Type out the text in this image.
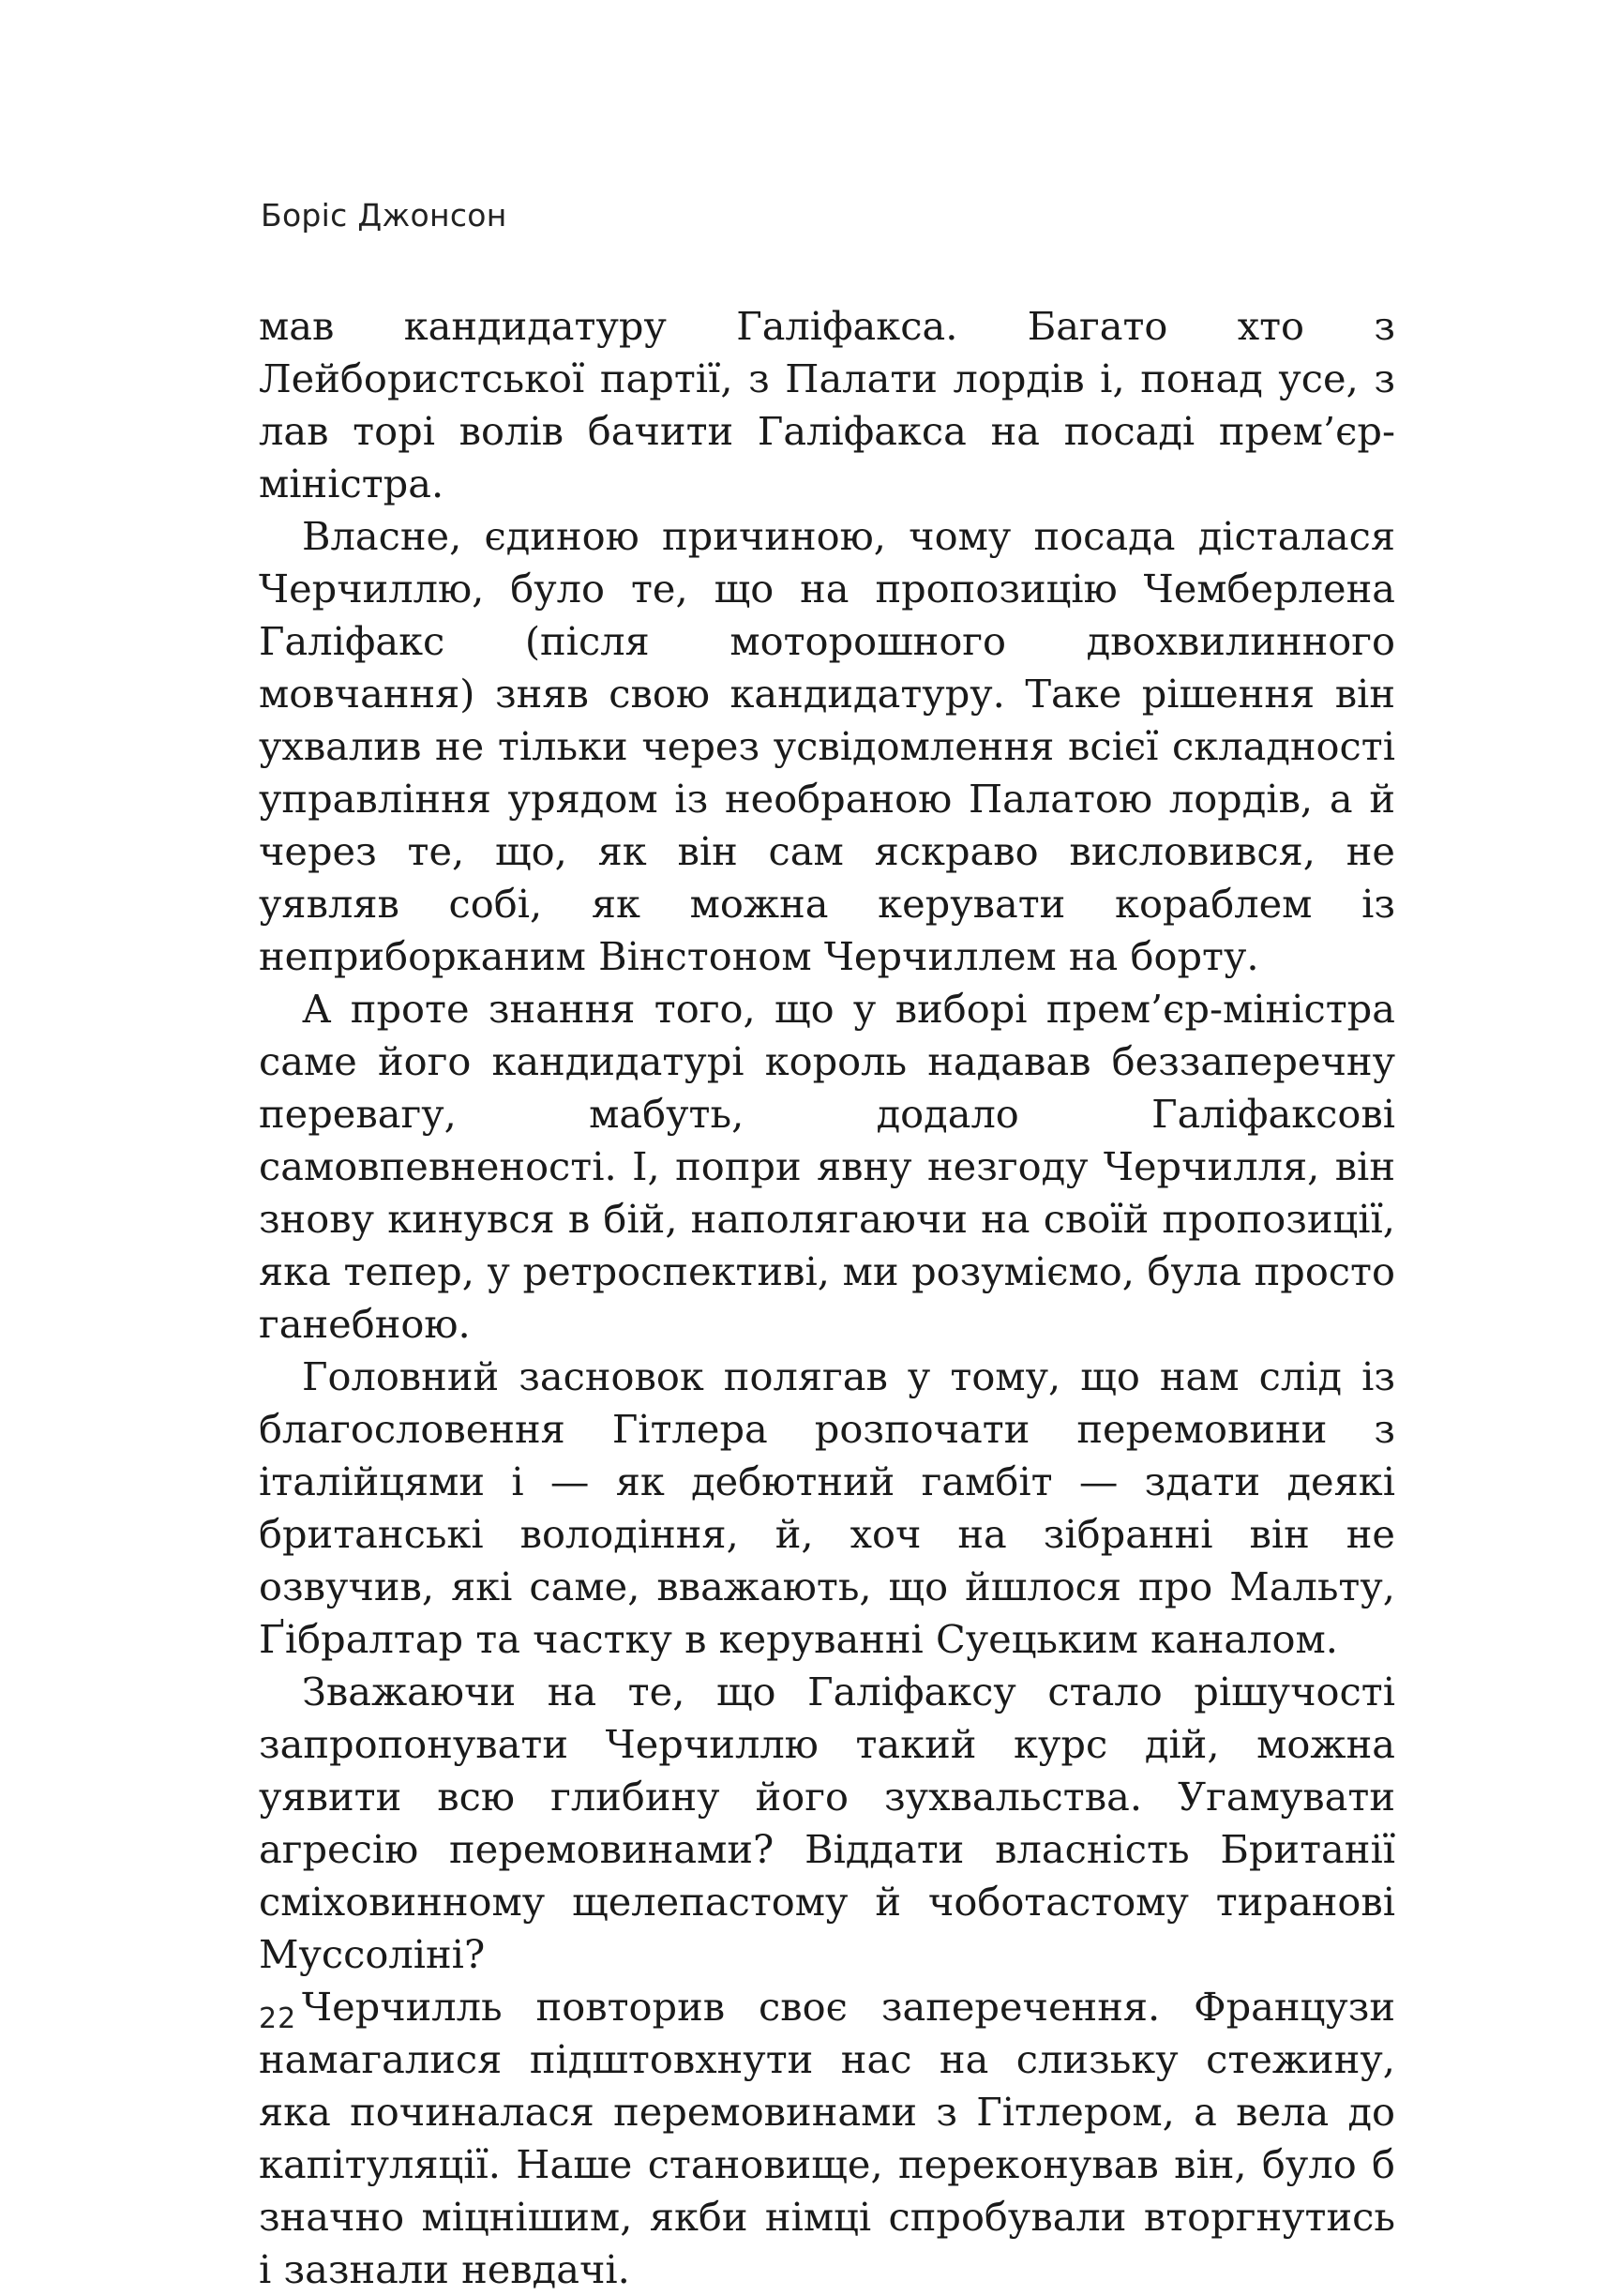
Боріс Джонсон

мав кандидатуру Галіфакса. Багато хто з Лейбористської партії, з Палати лордів і, понад усе, з лав торі волів бачити Галіфакса на посаді прем’єр-міністра.

Власне, єдиною причиною, чому посада дісталася Черчиллю, було те, що на пропозицію Чемберлена Галіфакс (після моторошного двохвилинного мовчання) зняв свою кандидатуру. Таке рішення він ухвалив не тільки через усвідомлення всієї складності управління урядом із необраною Палатою лордів, а й через те, що, як він сам яскраво висловився, не уявляв собі, як можна керувати кораблем із неприборканим Вінстоном Черчиллем на борту.

А проте знання того, що у виборі прем’єр-міністра саме його кандидатурі король надавав беззаперечну перевагу, мабуть, додало Галіфаксові самовпевненості. І, попри явну незгоду Черчилля, він знову кинувся в бій, наполягаючи на своїй пропозиції, яка тепер, у ретроспективі, ми розуміємо, була просто ганебною.

Головний засновок полягав у тому, що нам слід із благословення Гітлера розпочати перемовини з італійцями і — як дебютний гамбіт — здати деякі британські володіння, й, хоч на зібранні він не озвучив, які саме, вважають, що йшлося про Мальту, Ґібралтар та частку в керуванні Суецьким каналом.

Зважаючи на те, що Галіфаксу стало рішучості запропонувати Черчиллю такий курс дій, можна уявити всю глибину його зухвальства. Угамувати агресію перемовинами? Віддати власність Британії сміховинному щелепастому й чоботастому тиранові Муссоліні?

Черчилль повторив своє заперечення. Французи намагалися підштовхнути нас на слизьку стежину, яка починалася перемовинами з Гітлером, а вела до капітуляції. Наше становище, переконував він, було б значно міцнішим, якби німці спробували вторгнутись і зазнали невдачі.

22
